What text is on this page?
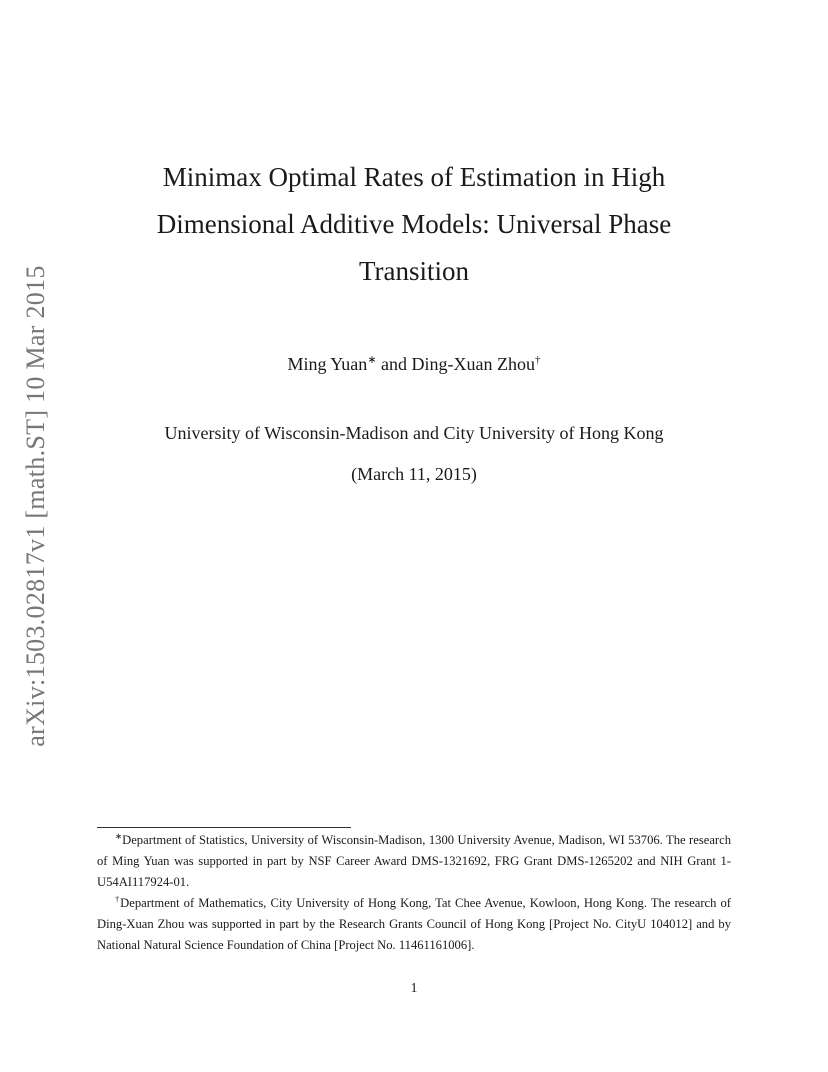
arXiv:1503.02817v1 [math.ST] 10 Mar 2015
Minimax Optimal Rates of Estimation in High
Dimensional Additive Models: Universal Phase
Transition
Ming Yuan∗ and Ding-Xuan Zhou†
University of Wisconsin-Madison and City University of Hong Kong
(March 11, 2015)

∗Department of Statistics, University of Wisconsin-Madison, 1300 University Avenue, Madison, WI 53706. The research of Ming Yuan was supported in part by NSF Career Award DMS-1321692, FRG Grant DMS-1265202 and NIH Grant 1-U54AI117924-01.

†Department of Mathematics, City University of Hong Kong, Tat Chee Avenue, Kowloon, Hong Kong. The research of Ding-Xuan Zhou was supported in part by the Research Grants Council of Hong Kong [Project No. CityU 104012] and by National Natural Science Foundation of China [Project No. 11461161006].

1
